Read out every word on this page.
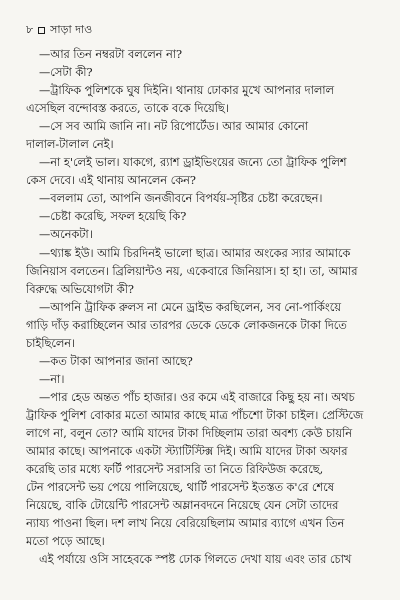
৮ সাড়া দাও
—আর তিন নম্বরটা বললেন না?
—সেটা কী?
—ট্রাফিক পুলিশকে ঘুষ দিইনি। থানায় ঢোকার মুখে আপনার দালাল
এসেছিল বন্দোবস্ত করতে, তাকে বকে দিয়েছি।
—সে সব আমি জানি না। নট রিপোর্টেড। আর আমার কোনো
দালাল-টালাল নেই।
—না হ'লেই ভাল। যাকগে, র‍্যাশ ড্রাইভিংয়ের জন্যে তো ট্রাফিক পুলিশ
কেস দেবে। এই থানায় আনলেন কেন?
—বললাম তো, আপনি জনজীবনে বিপর্যয়-সৃষ্টির চেষ্টা করেছেন।
—চেষ্টা করেছি, সফল হয়েছি কি?
—অনেকটা।
—থ্যাঙ্ক ইউ। আমি চিরদিনই ভালো ছাত্র। আমার অংকের স্যার আমাকে
জিনিয়াস বলতেন। ব্রিলিয়ান্টও নয়, একেবারে জিনিয়াস। হা হা। তা, আমার
বিরুদ্ধে অভিযোগটা কী?
—আপনি ট্রাফিক রুলস না মেনে ড্রাইভ করছিলেন, সব নো-পার্কিংয়ে
গাড়ি দাঁড় করাচ্ছিলেন আর তারপর ডেকে ডেকে লোকজনকে টাকা দিতে
চাইছিলেন।
—কত টাকা আপনার জানা আছে?
—না।
—পার হেড অন্তত পাঁচ হাজার। ওর কমে এই বাজারে কিছু হয় না। অথচ
ট্রাফিক পুলিশ বোকার মতো আমার কাছে মাত্র পাঁচশো টাকা চাইল। প্রেস্টিজে
লাগে না, বলুন তো? আমি যাদের টাকা দিচ্ছিলাম তারা অবশ্য কেউ চায়নি
আমার কাছে। আপনাকে একটা স্ট্যাটিস্টিক্স দিই। আমি যাদের টাকা অফার
করেছি তার মধ্যে ফর্টি পারসেন্ট সরাসরি তা নিতে রিফিউজ করেছে,
টেন পারসেন্ট ভয় পেয়ে পালিয়েছে, থার্টি পারসেন্ট ইতস্তত ক'রে শেষে
নিয়েছে, বাকি টোয়েন্টি পারসেন্ট অম্লানবদনে নিয়েছে যেন সেটা তাদের
ন্যায্য পাওনা ছিল। দশ লাখ নিয়ে বেরিয়েছিলাম আমার ব্যাগে এখন তিন
মতো পড়ে আছে।
এই পর্যায়ে ওসি সাহেবকে স্পষ্ট ঢোক গিলতে দেখা যায় এবং তার চোখ
